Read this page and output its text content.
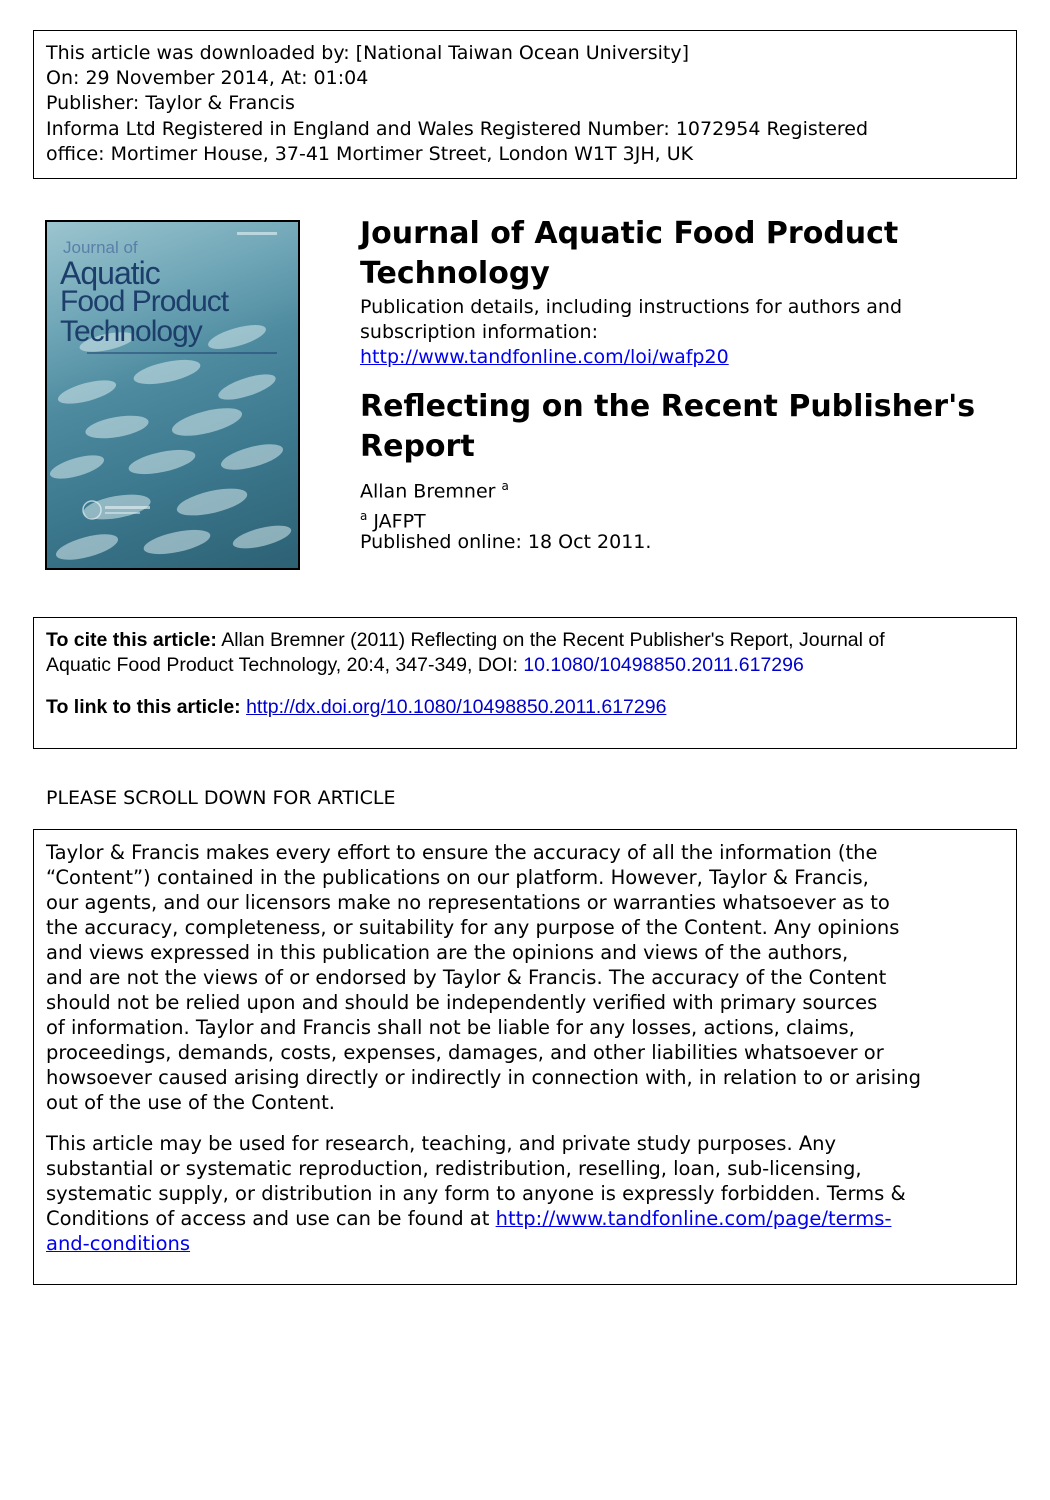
This article was downloaded by: [National Taiwan Ocean University]
On: 29 November 2014, At: 01:04
Publisher: Taylor & Francis
Informa Ltd Registered in England and Wales Registered Number: 1072954 Registered
office: Mortimer House, 37-41 Mortimer Street, London W1T 3JH, UK
Journal of
Aquatic
Food Product
Technology
Journal of Aquatic Food Product
Technology
Publication details, including instructions for authors and
subscription information:
http://www.tandfonline.com/loi/wafp20
Reflecting on the Recent Publisher's
Report
Allan Bremner $^a$
$^a$ JAFPT
Published online: 18 Oct 2011.
To cite this article: Allan Bremner (2011) Reflecting on the Recent Publisher's Report, Journal of
Aquatic Food Product Technology, 20:4, 347-349, DOI: 10.1080/10498850.2011.617296
To link to this article: http://dx.doi.org/10.1080/10498850.2011.617296
PLEASE SCROLL DOWN FOR ARTICLE

Taylor & Francis makes every effort to ensure the accuracy of all the information (the
“Content”) contained in the publications on our platform. However, Taylor & Francis,
our agents, and our licensors make no representations or warranties whatsoever as to
the accuracy, completeness, or suitability for any purpose of the Content. Any opinions
and views expressed in this publication are the opinions and views of the authors,
and are not the views of or endorsed by Taylor & Francis. The accuracy of the Content
should not be relied upon and should be independently verified with primary sources
of information. Taylor and Francis shall not be liable for any losses, actions, claims,
proceedings, demands, costs, expenses, damages, and other liabilities whatsoever or
howsoever caused arising directly or indirectly in connection with, in relation to or arising
out of the use of the Content.

This article may be used for research, teaching, and private study purposes. Any
substantial or systematic reproduction, redistribution, reselling, loan, sub-licensing,
systematic supply, or distribution in any form to anyone is expressly forbidden. Terms &
Conditions of access and use can be found at http://www.tandfonline.com/page/terms-
and-conditions
